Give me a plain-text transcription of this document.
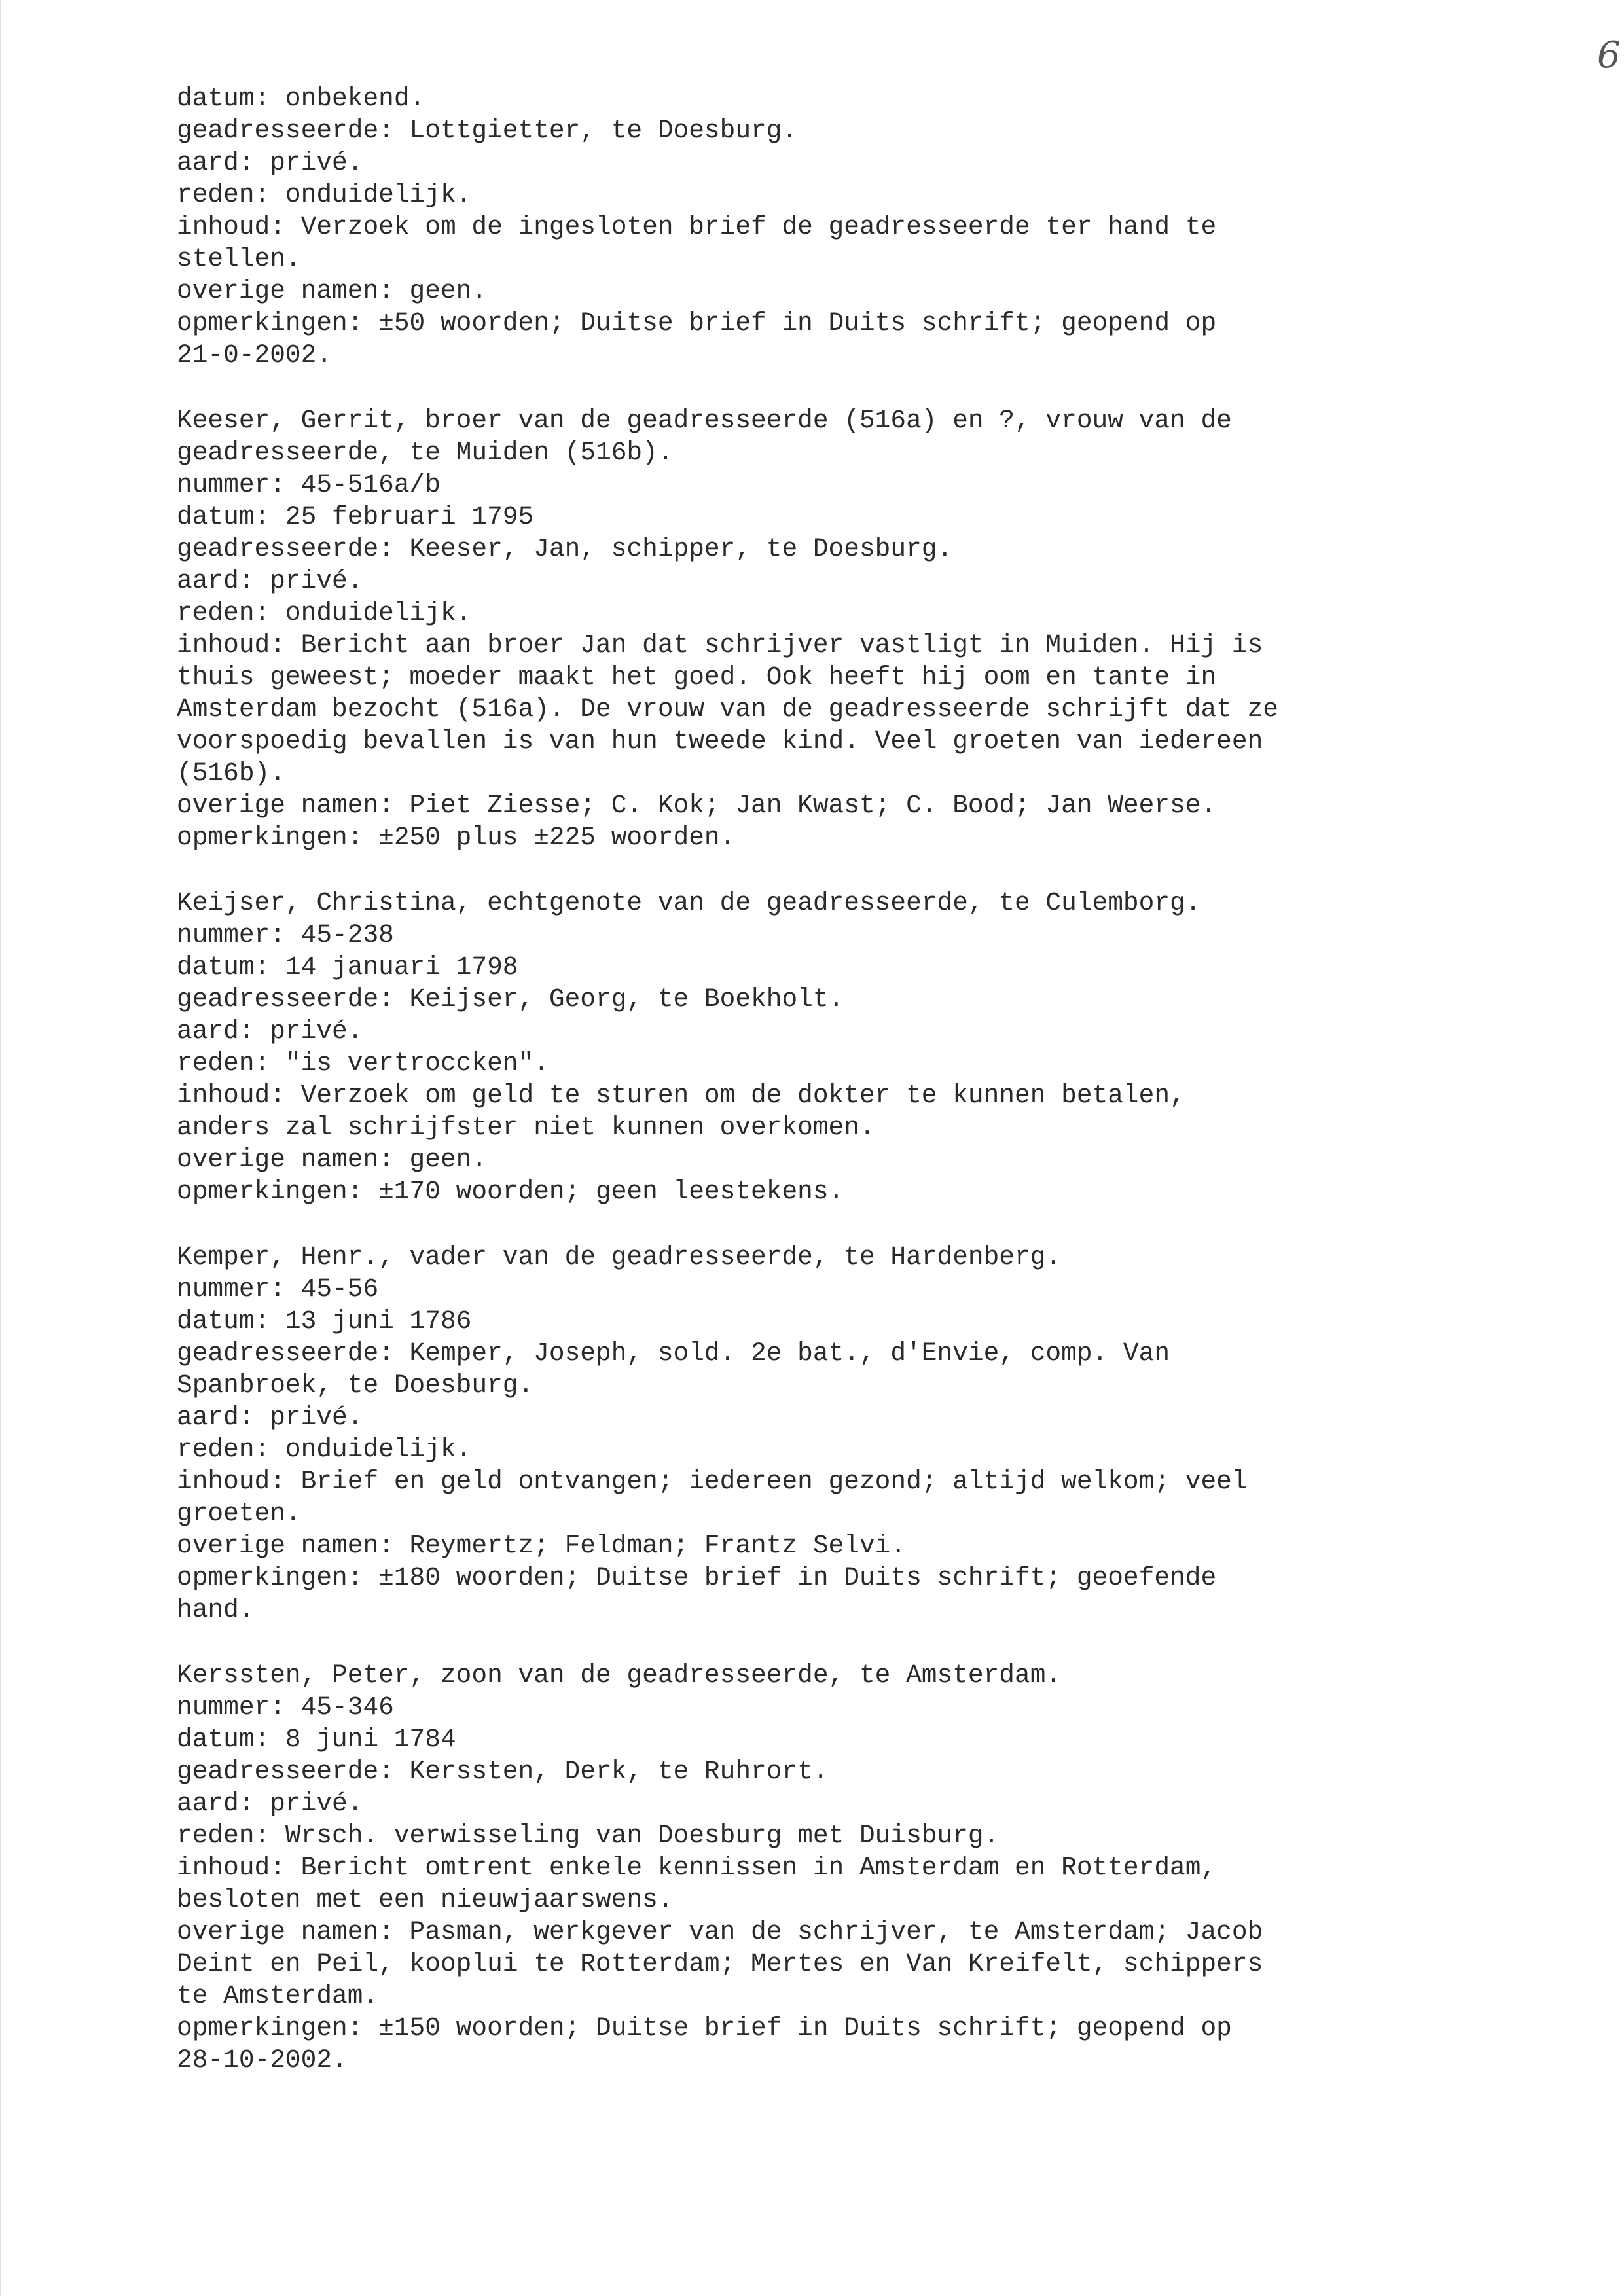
6
datum: onbekend.
geadresseerde: Lottgietter, te Doesburg.
aard: privé.
reden: onduidelijk.
inhoud: Verzoek om de ingesloten brief de geadresseerde ter hand te
stellen.
overige namen: geen.
opmerkingen: ±50 woorden; Duitse brief in Duits schrift; geopend op
21-0-2002.
Keeser, Gerrit, broer van de geadresseerde (516a) en ?, vrouw van de
geadresseerde, te Muiden (516b).
nummer: 45-516a/b
datum: 25 februari 1795
geadresseerde: Keeser, Jan, schipper, te Doesburg.
aard: privé.
reden: onduidelijk.
inhoud: Bericht aan broer Jan dat schrijver vastligt in Muiden. Hij is
thuis geweest; moeder maakt het goed. Ook heeft hij oom en tante in
Amsterdam bezocht (516a). De vrouw van de geadresseerde schrijft dat ze
voorspoedig bevallen is van hun tweede kind. Veel groeten van iedereen
(516b).
overige namen: Piet Ziesse; C. Kok; Jan Kwast; C. Bood; Jan Weerse.
opmerkingen: ±250 plus ±225 woorden.
Keijser, Christina, echtgenote van de geadresseerde, te Culemborg.
nummer: 45-238
datum: 14 januari 1798
geadresseerde: Keijser, Georg, te Boekholt.
aard: privé.
reden: "is vertroccken".
inhoud: Verzoek om geld te sturen om de dokter te kunnen betalen,
anders zal schrijfster niet kunnen overkomen.
overige namen: geen.
opmerkingen: ±170 woorden; geen leestekens.
Kemper, Henr., vader van de geadresseerde, te Hardenberg.
nummer: 45-56
datum: 13 juni 1786
geadresseerde: Kemper, Joseph, sold. 2e bat., d'Envie, comp. Van
Spanbroek, te Doesburg.
aard: privé.
reden: onduidelijk.
inhoud: Brief en geld ontvangen; iedereen gezond; altijd welkom; veel
groeten.
overige namen: Reymertz; Feldman; Frantz Selvi.
opmerkingen: ±180 woorden; Duitse brief in Duits schrift; geoefende
hand.
Kerssten, Peter, zoon van de geadresseerde, te Amsterdam.
nummer: 45-346
datum: 8 juni 1784
geadresseerde: Kerssten, Derk, te Ruhrort.
aard: privé.
reden: Wrsch. verwisseling van Doesburg met Duisburg.
inhoud: Bericht omtrent enkele kennissen in Amsterdam en Rotterdam,
besloten met een nieuwjaarswens.
overige namen: Pasman, werkgever van de schrijver, te Amsterdam; Jacob
Deint en Peil, kooplui te Rotterdam; Mertes en Van Kreifelt, schippers
te Amsterdam.
opmerkingen: ±150 woorden; Duitse brief in Duits schrift; geopend op
28-10-2002.
